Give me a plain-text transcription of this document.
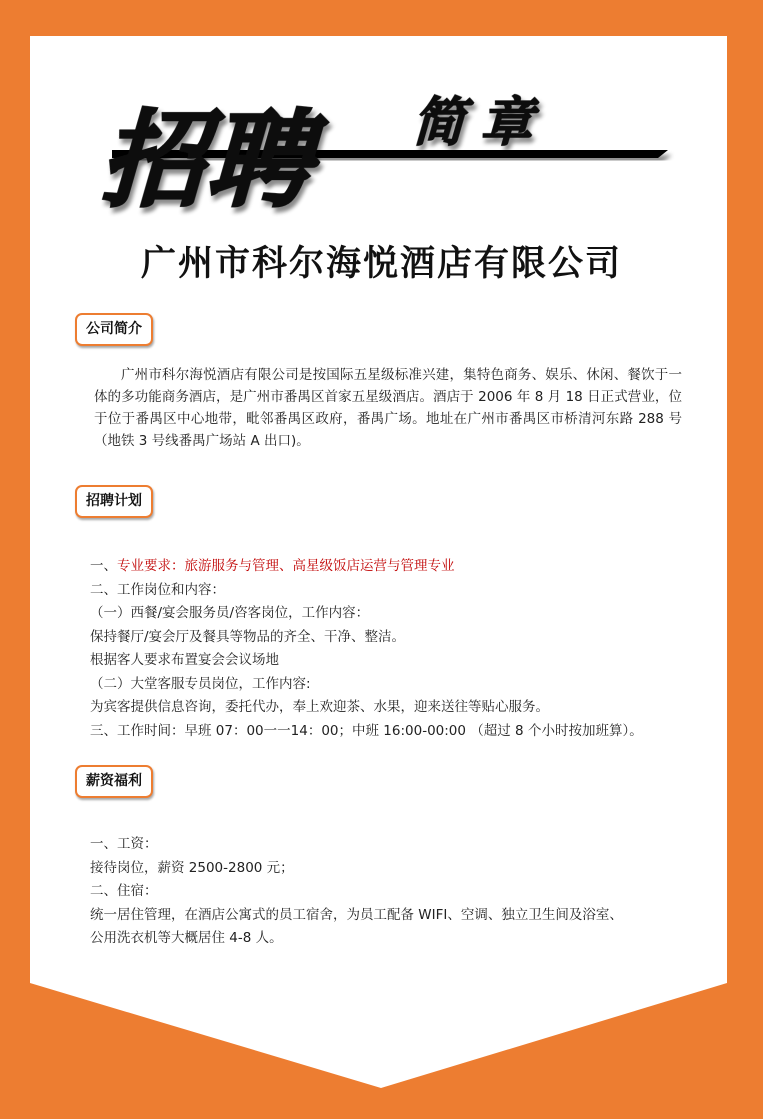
招聘 简章
广州市科尔海悦酒店有限公司
公司简介

广州市科尔海悦酒店有限公司是按国际五星级标准兴建，集特色商务、娱乐、休闲、餐饮于一体的多功能商务酒店，是广州市番禺区首家五星级酒店。酒店于 2006 年 8 月 18 日正式营业，位于位于番禺区中心地带，毗邻番禺区政府，番禺广场。地址在广州市番禺区市桥清河东路 288 号（地铁 3 号线番禺广场站 A 出口)。

招聘计划
一、专业要求：旅游服务与管理、高星级饭店运营与管理专业
二、工作岗位和内容：
（一）西餐/宴会服务员/咨客岗位，工作内容：
保持餐厅/宴会厅及餐具等物品的齐全、干净、整洁。
根据客人要求布置宴会会议场地
（二）大堂客服专员岗位，工作内容:
为宾客提供信息咨询，委托代办，奉上欢迎茶、水果，迎来送往等贴心服务。
三、工作时间：早班 07：00一一14：00；中班 16:00-00:00 （超过 8 个小时按加班算）。
薪资福利
一、工资：
接待岗位，薪资 2500-2800 元；
二、住宿：
统一居住管理，在酒店公寓式的员工宿舍，为员工配备 WIFI、空调、独立卫生间及浴室、
公用洗衣机等大概居住 4-8 人。
